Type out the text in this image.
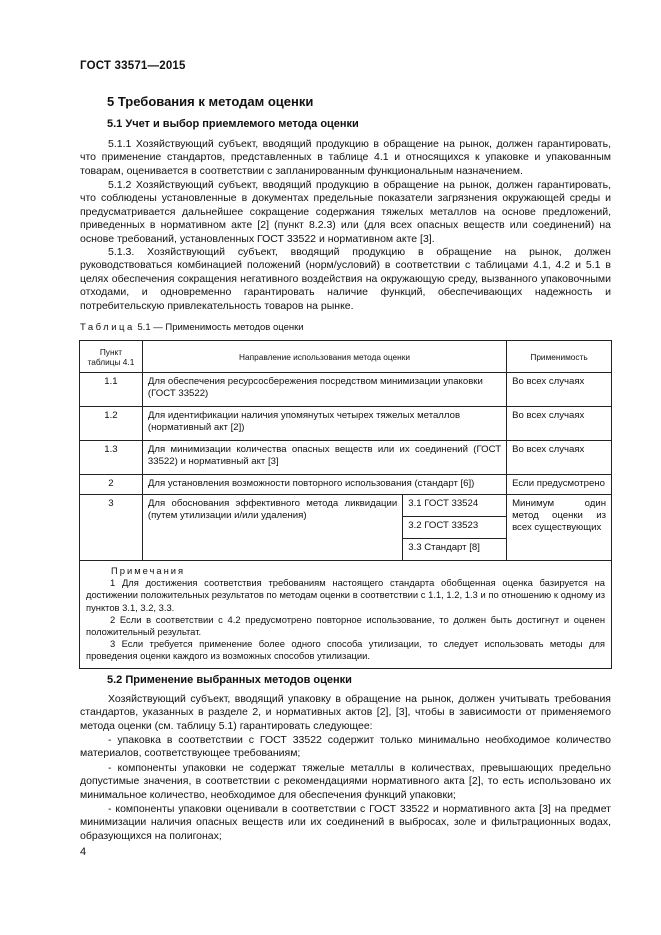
ГОСТ 33571—2015
5 Требования к методам оценки
5.1 Учет и выбор приемлемого метода оценки

5.1.1 Хозяйствующий субъект, вводящий продукцию в обращение на рынок, должен гарантировать, что применение стандартов, представленных в таблице 4.1 и относящихся к упаковке и упакованным товарам, оценивается в соответствии с запланированным функциональным назначением.

5.1.2 Хозяйствующий субъект, вводящий продукцию в обращение на рынок, должен гарантировать, что соблюдены установленные в документах предельные показатели загрязнения окружающей среды и предусматривается дальнейшее сокращение содержания тяжелых металлов на основе предложений, приведенных в нормативном акте [2] (пункт 8.2.3) или (для всех опасных веществ или соединений) на основе требований, установленных ГОСТ 33522 и нормативном акте [3].

5.1.3. Хозяйствующий субъект, вводящий продукцию в обращение на рынок, должен руководствоваться комбинацией положений (норм/условий) в соответствии с таблицами 4.1, 4.2 и 5.1 в целях обеспечения сокращения негативного воздействия на окружающую среду, вызванного упаковочными отходами, и одновременно гарантировать наличие функций, обеспечивающих надежность и потребительскую привлекательность товаров на рынке.

Таблица 5.1 — Применимость методов оценки
Пункт таблицы 4.1	Направление использования метода оценки		Применимость
1.1	Для обеспечения ресурсосбережения посредством минимизации упаковки (ГОСТ 33522)		Во всех случаях
1.2	Для идентификации наличия упомянутых четырех тяжелых металлов (нормативный акт [2])		Во всех случаях
1.3	Для минимизации количества опасных веществ или их соединений (ГОСТ 33522) и нормативный акт [3]		Во всех случаях
2	Для установления возможности повторного использования (стандарт [6])		Если предусмотрено
3	Для обоснования эффективного метода ликвидации (путем утилизации и/или удаления)	3.1 ГОСТ 33524	Минимум один метод оценки из всех существующих
		3.2 ГОСТ 33523	
		3.3 Стандарт [8]	

Примечания

1 Для достижения соответствия требованиям настоящего стандарта обобщенная оценка базируется на достижении положительных результатов по методам оценки в соответствии с 1.1, 1.2, 1.3 и по отношению к одному из пунктов 3.1, 3.2, 3.3.

2 Если в соответствии с 4.2 предусмотрено повторное использование, то должен быть достигнут и оценен положительный результат.

3 Если требуется применение более одного способа утилизации, то следует использовать методы для проведения оценки каждого из возможных способов утилизации.			

5.2 Применение выбранных методов оценки

Хозяйствующий субъект, вводящий упаковку в обращение на рынок, должен учитывать требования стандартов, указанных в разделе 2, и нормативных актов [2], [3], чтобы в зависимости от применяемого метода оценки (см. таблицу 5.1) гарантировать следующее:

- упаковка в соответствии с ГОСТ 33522 содержит только минимально необходимое количество материалов, соответствующее требованиям;

- компоненты упаковки не содержат тяжелые металлы в количествах, превышающих предельно допустимые значения, в соответствии с рекомендациями нормативного акта [2], то есть использовано их минимальное количество, необходимое для обеспечения функций упаковки;

- компоненты упаковки оценивали в соответствии с ГОСТ 33522 и нормативного акта [3] на предмет минимизации наличия опасных веществ или их соединений в выбросах, золе и фильтрационных водах, образующихся на полигонах;

4
